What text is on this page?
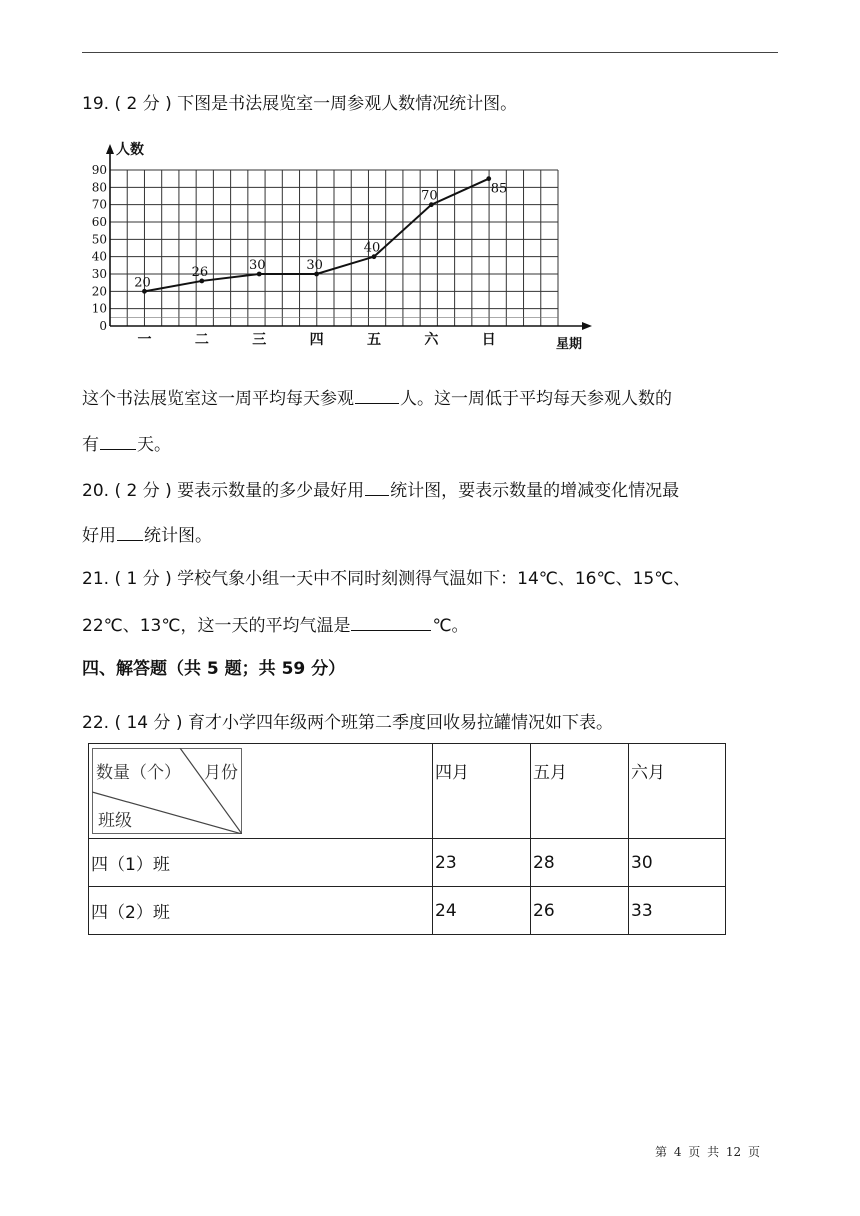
19. ( 2 分 ) 下图是书法展览室一周参观人数情况统计图。
0
10
20
30
40
50
60
70
80
90
人数
星期
一	二	三	四	五	六	日
20
26	30	30
40
70	85
这个书法展览室这一周平均每天参观	人。这一周低于平均每天参观人数的
有 天。
20. ( 2 分 ) 要表示数量的多少最好用 统计图，要表示数量的增减变化情况最
好用 统计图。
21. ( 1 分 ) 学校气象小组一天中不同时刻测得气温如下：14℃、16℃、15℃、
22℃、13℃，这一天的平均气温是	℃。
四、解答题（共 5 题；共 59 分）
22. ( 14 分 ) 育才小学四年级两个班第二季度回收易拉罐情况如下表。
数量（个） 月份
班级	四月	五月	六月
四（1）班	23	28	30
四（2）班	24	26	33
第 4 页 共 12 页
